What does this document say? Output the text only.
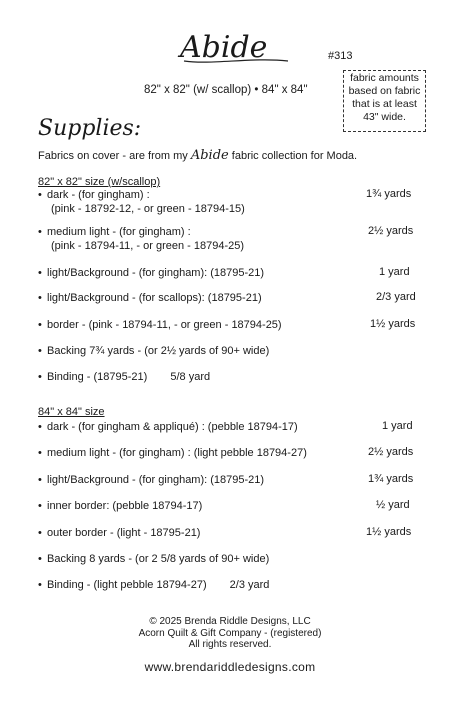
Abide	#313
82" x 82" (w/ scallop) • 84" x 84"
fabric amounts
based on fabric
that is at least
43" wide.
Supplies:
Fabrics on cover - are from my Abide fabric collection for Moda.
82" x 82" size (w/scallop)
• dark - (for gingham) :
(pink - 18792-12, - or green - 18794-15)
1¾ yards
• medium light - (for gingham) :
(pink - 18794-11, - or green - 18794-25)
2½ yards
• light/Background - (for gingham): (18795-21)	1 yard
• light/Background - (for scallops): (18795-21)	2/3 yard
• border - (pink - 18794-11, - or green - 18794-25)	1½ yards
• Backing 7¾ yards - (or 2½ yards of 90+ wide)
• Binding - (18795-21) 5/8 yard
84" x 84" size
• dark - (for gingham & appliqué) : (pebble 18794-17)	1 yard
• medium light - (for gingham) : (light pebble 18794-27)	2½ yards
• light/Background - (for gingham): (18795-21)	1¾ yards
• inner border: (pebble 18794-17)	½ yard
• outer border - (light - 18795-21)	1½ yards
• Backing 8 yards - (or 2 5/8 yards of 90+ wide)
• Binding - (light pebble 18794-27) 2/3 yard
© 2025 Brenda Riddle Designs, LLC
Acorn Quilt & Gift Company - (registered)
All rights reserved.
www.brendariddledesigns.com
